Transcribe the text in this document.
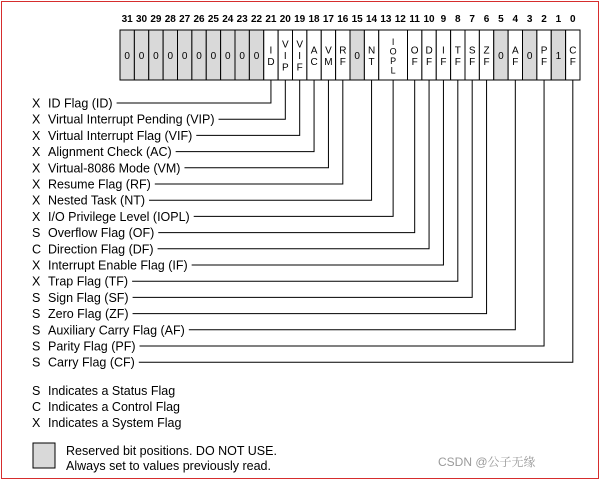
31 30 29 28 27 26 25 24 23 22 21 20 19 18 17 16 15 14 13 12 11 10 9 8 7 6 5 4 3 2 1 0
0 0 0 0 0 0 0 0 0 0
I D
V I P
V I F
A C
V M
R F
0
N T
I O P L
O F
D F
I F
T F
S F
Z F
0
A F
0
P F
1
C F
X ID Flag (ID)
X Virtual Interrupt Pending (VIP)
X Virtual Interrupt Flag (VIF)
X Alignment Check (AC)
X Virtual-8086 Mode (VM)
X Resume Flag (RF)
X Nested Task (NT)
X I/O Privilege Level (IOPL)
S Overflow Flag (OF)
C Direction Flag (DF)
X Interrupt Enable Flag (IF)
X Trap Flag (TF)
S Sign Flag (SF)
S Zero Flag (ZF)
S Auxiliary Carry Flag (AF)
S Parity Flag (PF)
S Carry Flag (CF)
S Indicates a Status Flag
C Indicates a Control Flag
X Indicates a System Flag
Reserved bit positions. DO NOT USE.
Always set to values previously read.	CSDN @公子无缘
